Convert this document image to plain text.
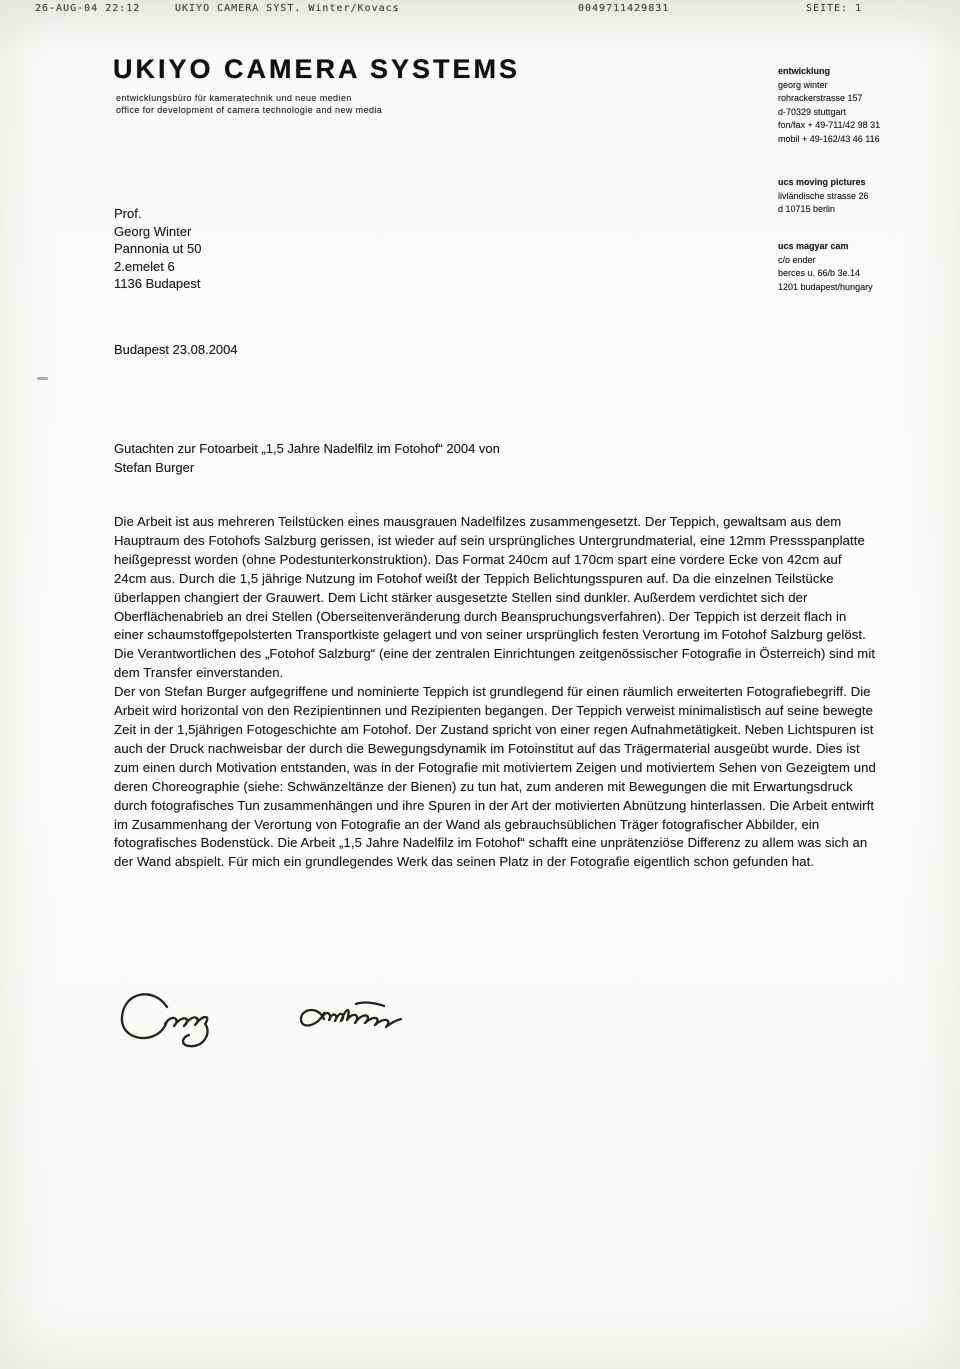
26-AUG-04 22:12	UKIYO CAMERA SYST. Winter/Kovacs	0049711429831	SEITE: 1
UKIYO CAMERA SYSTEMS
entwicklungsbüro für kameratechnik und neue medien
office for development of camera technologie and new media
entwicklung
georg winter
rohrackerstrasse 157
d-70329 stuttgart
fon/fax + 49-711/42 98 31
mobil + 49-162/43 46 116
ucs moving pictures
livländische strasse 26
d 10715 berlin
ucs magyar cam
c/o ender
berces u. 66/b 3e.14
1201 budapest/hungary
Prof.
Georg Winter
Pannonia ut 50
2.emelet 6
1136 Budapest
Budapest 23.08.2004
Gutachten zur Fotoarbeit „1,5 Jahre Nadelfilz im Fotohof“ 2004 von
Stefan Burger

Die Arbeit ist aus mehreren Teilstücken eines mausgrauen Nadelfilzes zusammengesetzt. Der Teppich, gewaltsam aus dem Hauptraum des Fotohofs Salzburg gerissen, ist wieder auf sein ursprüngliches Untergrundmaterial, eine 12mm Pressspanplatte heißgepresst worden (ohne Podestunterkonstruktion). Das Format 240cm auf 170cm spart eine vordere Ecke von 42cm auf 24cm aus. Durch die 1,5 jährige Nutzung im Fotohof weißt der Teppich Belichtungsspuren auf. Da die einzelnen Teilstücke überlappen changiert der Grauwert. Dem Licht stärker ausgesetzte Stellen sind dunkler. Außerdem verdichtet sich der Oberflächenabrieb an drei Stellen (Oberseitenveränderung durch Beanspruchungsverfahren). Der Teppich ist derzeit flach in einer schaumstoffgepolsterten Transportkiste gelagert und von seiner ursprünglich festen Verortung im Fotohof Salzburg gelöst. Die Verantwortlichen des „Fotohof Salzburg“ (eine der zentralen Einrichtungen zeitgenössischer Fotografie in Österreich) sind mit dem Transfer einverstanden.

Der von Stefan Burger aufgegriffene und nominierte Teppich ist grundlegend für einen räumlich erweiterten Fotografiebegriff. Die Arbeit wird horizontal von den Rezipientinnen und Rezipienten begangen. Der Teppich verweist minimalistisch auf seine bewegte Zeit in der 1,5jährigen Fotogeschichte am Fotohof. Der Zustand spricht von einer regen Aufnahmetätigkeit. Neben Lichtspuren ist auch der Druck nachweisbar der durch die Bewegungsdynamik im Fotoinstitut auf das Trägermaterial ausgeübt wurde. Dies ist zum einen durch Motivation entstanden, was in der Fotografie mit motiviertem Zeigen und motiviertem Sehen von Gezeigtem und deren Choreographie (siehe: Schwänzeltänze der Bienen) zu tun hat, zum anderen mit Bewegungen die mit Erwartungsdruck durch fotografisches Tun zusammenhängen und ihre Spuren in der Art der motivierten Abnützung hinterlassen. Die Arbeit entwirft im Zusammenhang der Verortung von Fotografie an der Wand als gebrauchsüblichen Träger fotografischer Abbilder, ein fotografisches Bodenstück. Die Arbeit „1,5 Jahre Nadelfilz im Fotohof“ schafft eine unprätenziöse Differenz zu allem was sich an der Wand abspielt. Für mich ein grundlegendes Werk das seinen Platz in der Fotografie eigentlich schon gefunden hat.
